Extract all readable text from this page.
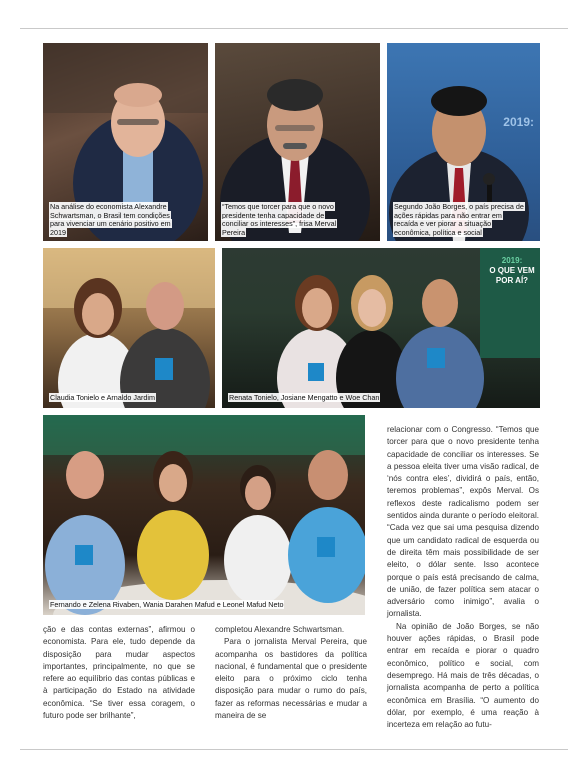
Na análise do economista Alexandre Schwartsman, o Brasil tem condições para vivenciar um cenário positivo em 2019
“Temos que torcer para que o novo presidente tenha capacidade de conciliar os interesses”, frisa Merval Pereira
2019:
Segundo João Borges, o país precisa de ações rápidas para não entrar em recaída e ver piorar a situação econômica, política e social
Claudia Tonielo e Arnaldo Jardim
2019:
O QUE VEM
POR AÍ?
Renata Tonielo, Josiane Mengatto e Woe Chan
Fernando e Zelena Rivaben, Wania Darahen Mafud e Leonel Mafud Neto

relacionar com o Congresso. “Temos que torcer para que o novo presidente tenha capacidade de conciliar os interesses. Se a pessoa eleita tiver uma visão radical, de ‘nós contra eles’, dividirá o país, então, teremos problemas”, expôs Merval. Os reflexos deste radicalismo podem ser sentidos ainda durante o período eleitoral. “Cada vez que sai uma pesquisa dizendo que um candidato radical de esquerda ou de direita têm mais possibilidade de ser eleito, o dólar sente. Isso acontece porque o país está precisando de calma, de união, de fazer política sem atacar o adversário como inimigo”, avalia o jornalista.

Na opinião de João Borges, se não houver ações rápidas, o Brasil pode entrar em recaída e piorar o quadro econômico, político e social, com desemprego. Há mais de três décadas, o jornalista acompanha de perto a política econômica em Brasília. “O aumento do dólar, por exemplo, é uma reação à incerteza em relação ao futu-

ção e das contas externas”, afirmou o economista. Para ele, tudo depende da disposição para mudar aspectos importantes, principalmente, no que se refere ao equilíbrio das contas públicas e à participação do Estado na atividade econômica. “Se tiver essa coragem, o futuro pode ser brilhante”,

completou Alexandre Schwartsman.

Para o jornalista Merval Pereira, que acompanha os bastidores da política nacional, é fundamental que o presidente eleito para o próximo ciclo tenha disposição para mudar o rumo do país, fazer as reformas necessárias e mudar a maneira de se
